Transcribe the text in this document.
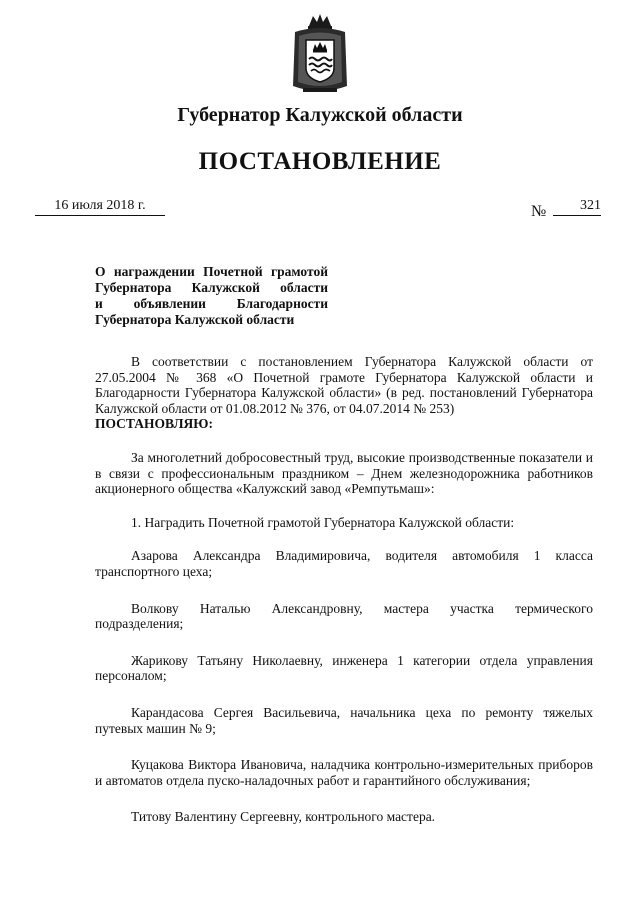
Губернатор Калужской области
ПОСТАНОВЛЕНИЕ
16 июля 2018 г.	№	321
О награждении Почетной грамотой
Губернатора Калужской области
и объявлении Благодарности
Губернатора Калужской области

В соответствии с постановлением Губернатора Калужской области от 27.05.2004 № 368 «О Почетной грамоте Губернатора Калужской области и Благодарности Губернатора Калужской области» (в ред. постановлений Губернатора Калужской области от 01.08.2012 № 376, от 04.07.2014 № 253)

ПОСТАНОВЛЯЮ:

За многолетний добросовестный труд, высокие производственные показатели и в связи с профессиональным праздником – Днем железнодорожника работников акционерного общества «Калужский завод «Ремпутьмаш»:

1. Наградить Почетной грамотой Губернатора Калужской области:

Азарова Александра Владимировича, водителя автомобиля 1 класса транспортного цеха;

Волкову Наталью Александровну, мастера участка термического подразделения;

Жарикову Татьяну Николаевну, инженера 1 категории отдела управления персоналом;

Карандасова Сергея Васильевича, начальника цеха по ремонту тяжелых путевых машин № 9;

Куцакова Виктора Ивановича, наладчика контрольно-измерительных приборов и автоматов отдела пуско-наладочных работ и гарантийного обслуживания;

Титову Валентину Сергеевну, контрольного мастера.
